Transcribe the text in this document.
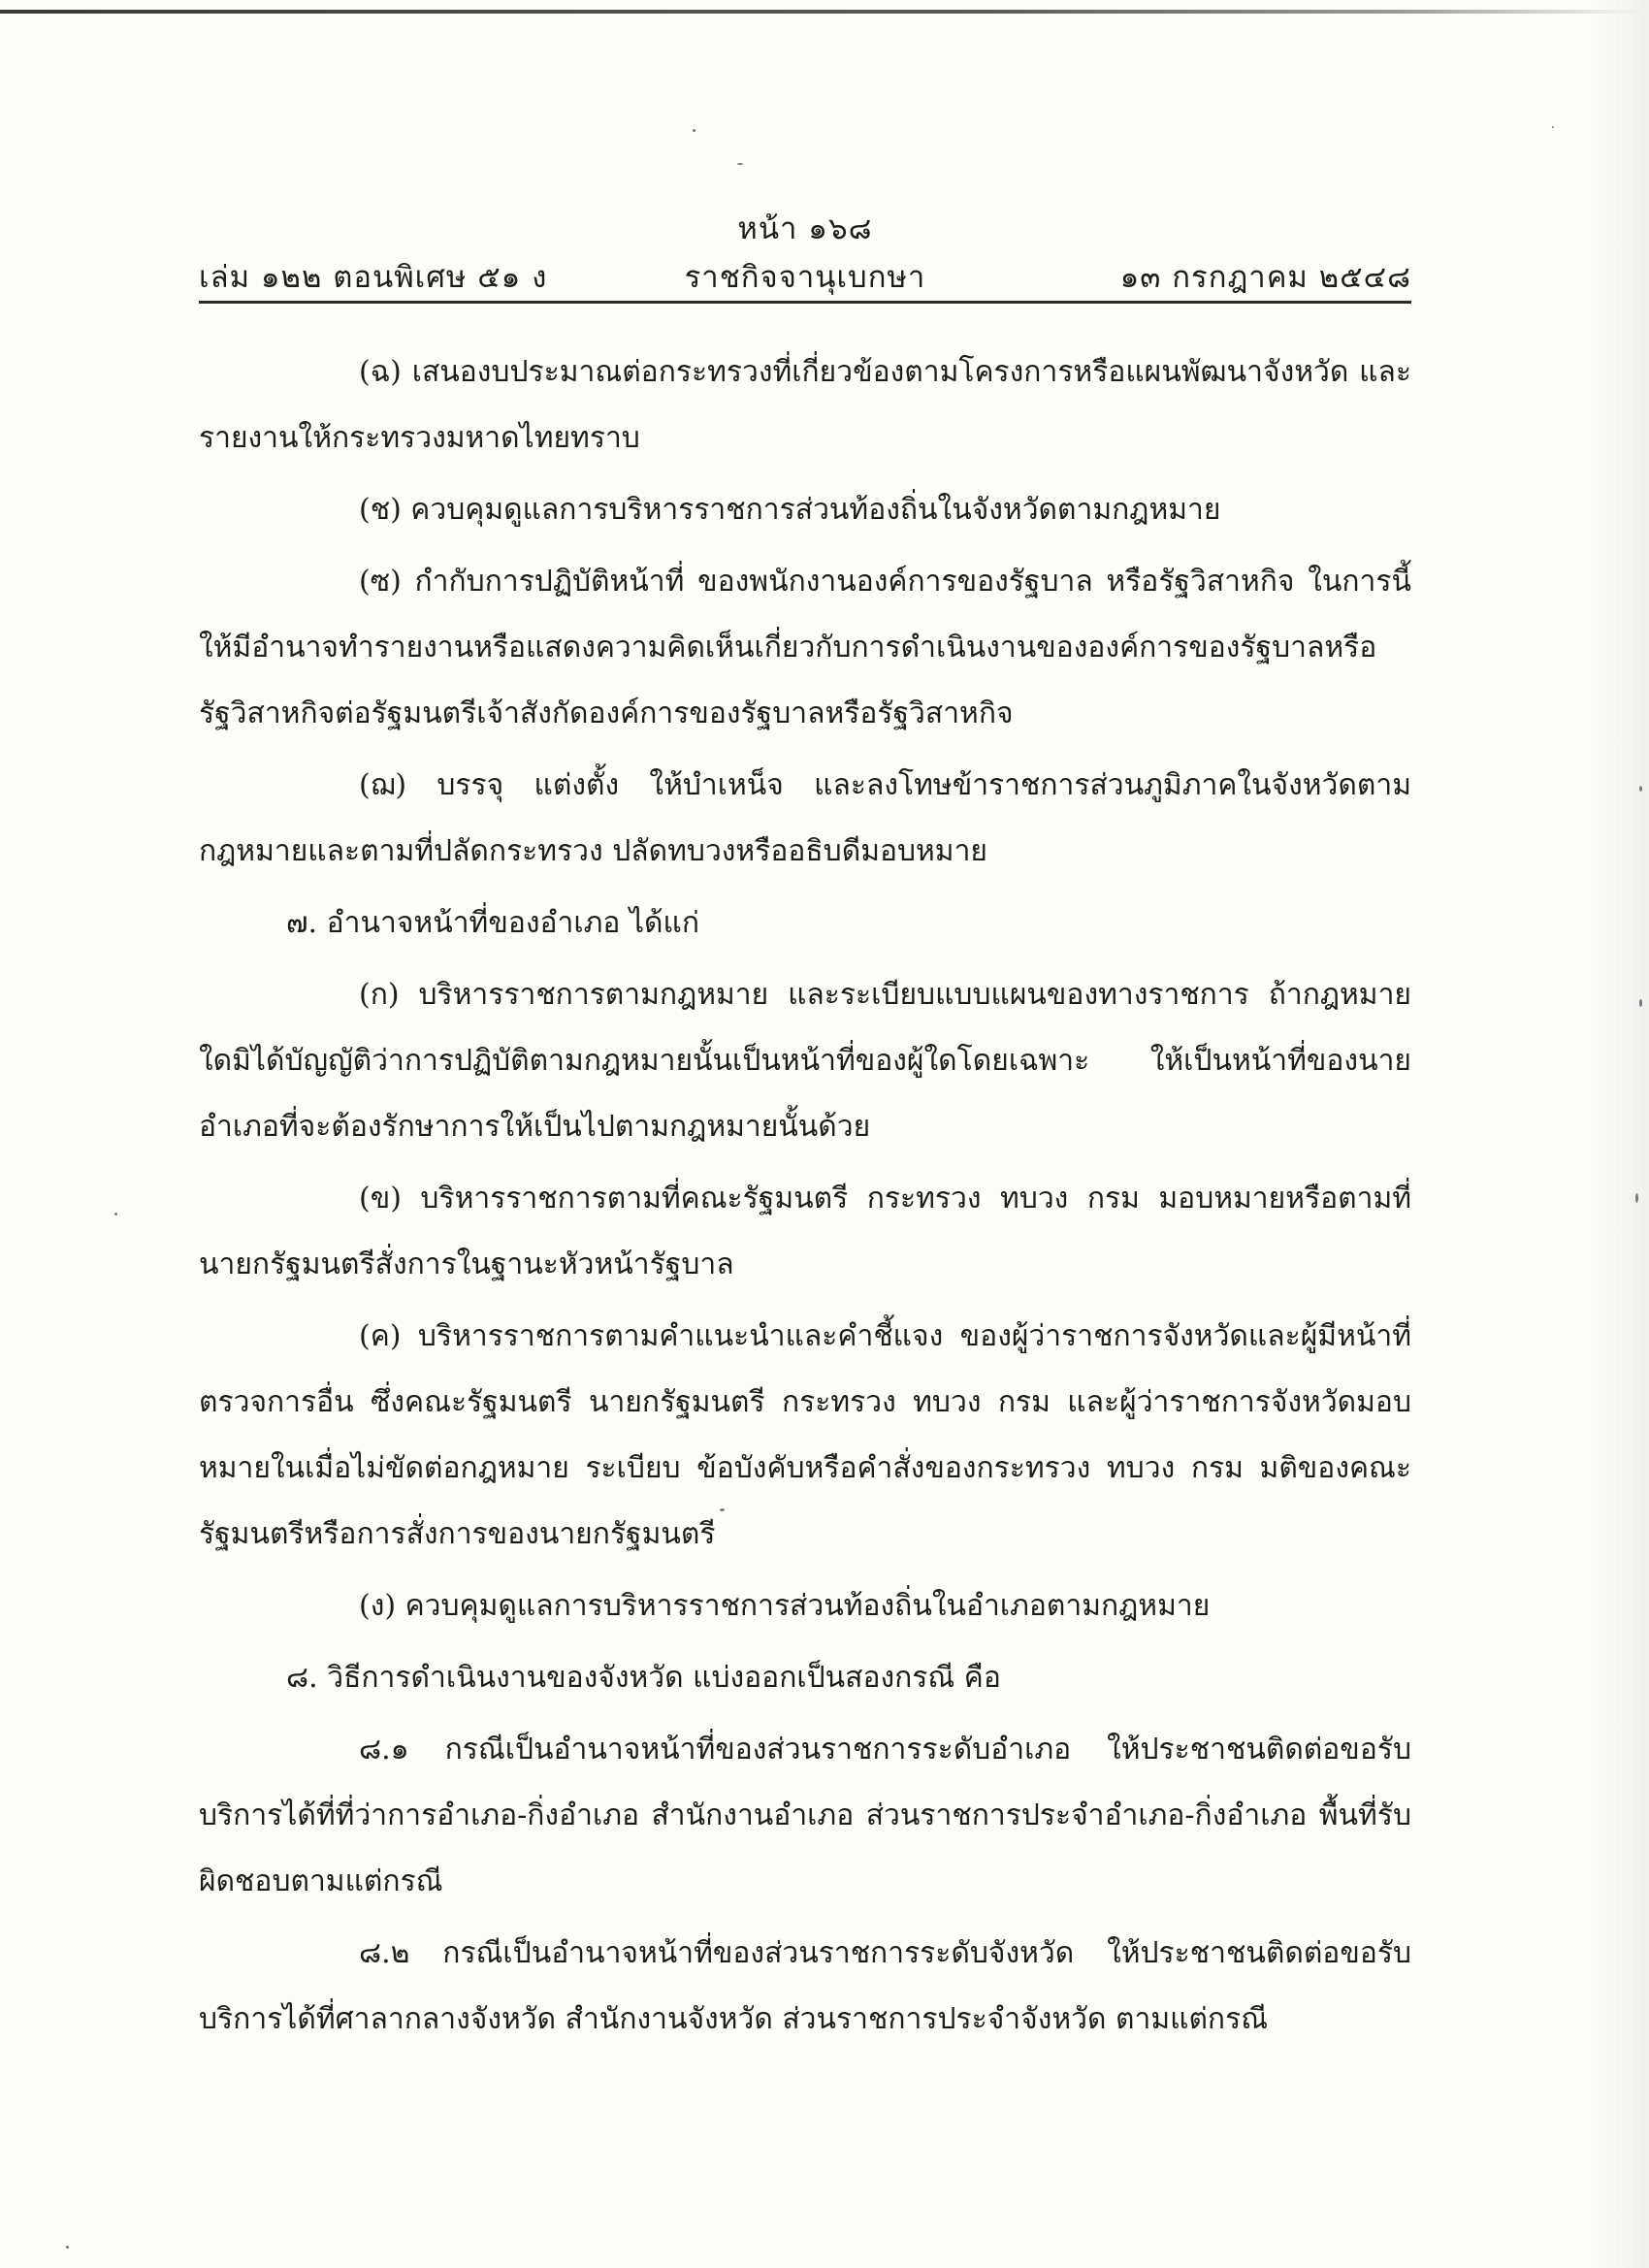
หน้า ๑๖๘
เล่ม ๑๒๒ ตอนพิเศษ ๕๑ ง	ราชกิจจานุเบกษา	๑๓ กรกฎาคม ๒๕๔๘

(ฉ) เสนองบประมาณต่อกระทรวงที่เกี่ยวข้องตามโครงการหรือแผนพัฒนาจังหวัด และรายงานให้กระทรวงมหาดไทยทราบ

(ช) ควบคุมดูแลการบริหารราชการส่วนท้องถิ่นในจังหวัดตามกฎหมาย

(ซ) กำกับการปฏิบัติหน้าที่ ของพนักงานองค์การของรัฐบาล หรือรัฐวิสาหกิจ ในการนี้ให้มีอำนาจทำรายงานหรือแสดงความคิดเห็นเกี่ยวกับการดำเนินงานขององค์การของรัฐบาลหรือรัฐวิสาหกิจต่อรัฐมนตรีเจ้าสังกัดองค์การของรัฐบาลหรือรัฐวิสาหกิจ

(ฌ) บรรจุ แต่งตั้ง ให้บำเหน็จ และลงโทษข้าราชการส่วนภูมิภาคในจังหวัดตามกฎหมายและตามที่ปลัดกระทรวง ปลัดทบวงหรืออธิบดีมอบหมาย

๗. อำนาจหน้าที่ของอำเภอ ได้แก่

(ก) บริหารราชการตามกฎหมาย และระเบียบแบบแผนของทางราชการ ถ้ากฎหมายใดมิได้บัญญัติว่าการปฏิบัติตามกฎหมายนั้นเป็นหน้าที่ของผู้ใดโดยเฉพาะ ให้เป็นหน้าที่ของนายอำเภอที่จะต้องรักษาการให้เป็นไปตามกฎหมายนั้นด้วย

(ข) บริหารราชการตามที่คณะรัฐมนตรี กระทรวง ทบวง กรม มอบหมายหรือตามที่นายกรัฐมนตรีสั่งการในฐานะหัวหน้ารัฐบาล

(ค) บริหารราชการตามคำแนะนำและคำชี้แจง ของผู้ว่าราชการจังหวัดและผู้มีหน้าที่ตรวจการอื่น ซึ่งคณะรัฐมนตรี นายกรัฐมนตรี กระทรวง ทบวง กรม และผู้ว่าราชการจังหวัดมอบหมายในเมื่อไม่ขัดต่อกฎหมาย ระเบียบ ข้อบังคับหรือคำสั่งของกระทรวง ทบวง กรม มติของคณะรัฐมนตรีหรือการสั่งการของนายกรัฐมนตรี

(ง) ควบคุมดูแลการบริหารราชการส่วนท้องถิ่นในอำเภอตามกฎหมาย

๘. วิธีการดำเนินงานของจังหวัด แบ่งออกเป็นสองกรณี คือ

๘.๑ กรณีเป็นอำนาจหน้าที่ของส่วนราชการระดับอำเภอ ให้ประชาชนติดต่อขอรับบริการได้ที่ที่ว่าการอำเภอ-กิ่งอำเภอ สำนักงานอำเภอ ส่วนราชการประจำอำเภอ-กิ่งอำเภอ พื้นที่รับผิดชอบตามแต่กรณี

๘.๒ กรณีเป็นอำนาจหน้าที่ของส่วนราชการระดับจังหวัด ให้ประชาชนติดต่อขอรับบริการได้ที่ศาลากลางจังหวัด สำนักงานจังหวัด ส่วนราชการประจำจังหวัด ตามแต่กรณี
